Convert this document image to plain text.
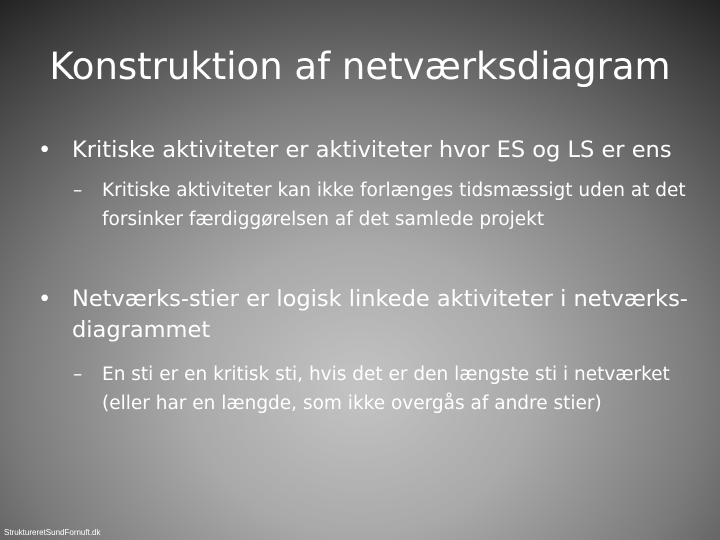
Konstruktion af netværksdiagram
• Kritiske aktiviteter er aktiviteter hvor ES og LS er ens
– Kritiske aktiviteter kan ikke forlænges tidsmæssigt uden at det forsinker færdiggørelsen af det samlede projekt
• Netværks-stier er logisk linkede aktiviteter i netværks-diagrammet
– En sti er en kritisk sti, hvis det er den længste sti i netværket (eller har en længde, som ikke overgås af andre stier)
StruktureretSundFornuft.dk
